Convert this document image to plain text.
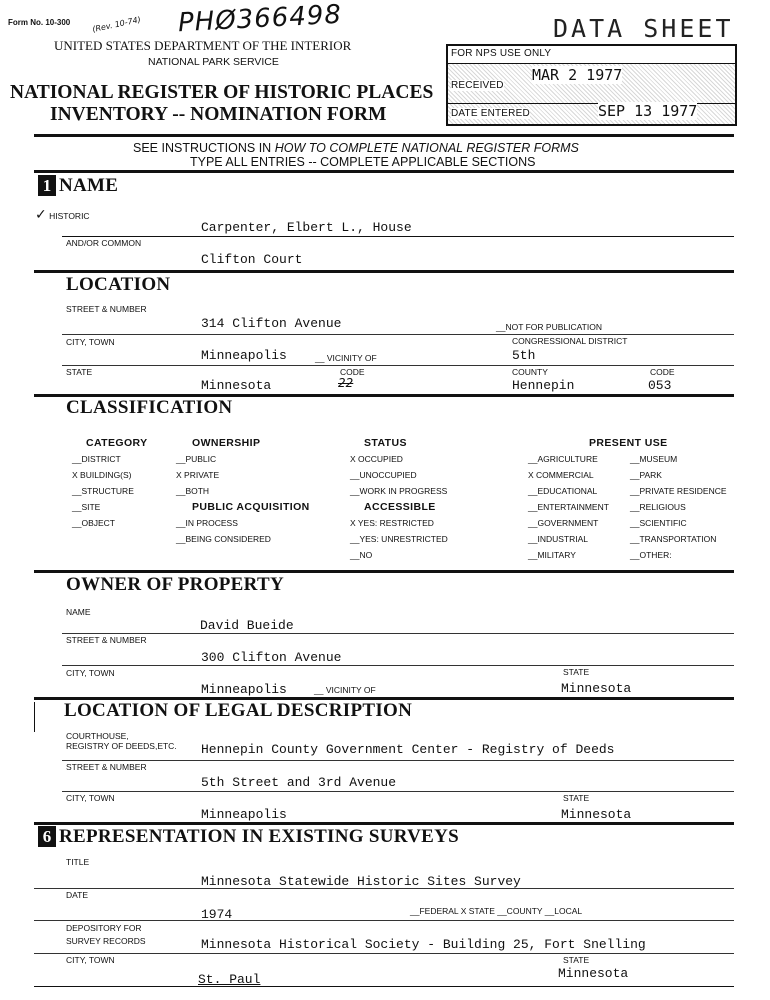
Form No. 10-300	(Rev. 10-74) PHØ366498
UNITED STATES DEPARTMENT OF THE INTERIOR
NATIONAL PARK SERVICE
NATIONAL REGISTER OF HISTORIC PLACES
INVENTORY -- NOMINATION FORM
DATA SHEET
FOR NPS USE ONLY
RECEIVED
MAR 2 1977
DATE ENTERED	SEP 13 1977
SEE INSTRUCTIONS IN HOW TO COMPLETE NATIONAL REGISTER FORMS
TYPE ALL ENTRIES -- COMPLETE APPLICABLE SECTIONS
1 NAME
✓ HISTORIC
Carpenter, Elbert L., House
AND/OR COMMON
Clifton Court
LOCATION
STREET & NUMBER
314 Clifton Avenue	__NOT FOR PUBLICATION
CITY, TOWN	CONGRESSIONAL DISTRICT
Minneapolis	__ VICINITY OF	5th
STATE	CODE	COUNTY	CODE
Minnesota	22	Hennepin	053
CLASSIFICATION
CATEGORY
__DISTRICT
X BUILDING(S)
__STRUCTURE
__SITE
__OBJECT
OWNERSHIP
__PUBLIC
X PRIVATE
__BOTH
PUBLIC ACQUISITION
__IN PROCESS
__BEING CONSIDERED
STATUS
X OCCUPIED
__UNOCCUPIED
__WORK IN PROGRESS
ACCESSIBLE
X YES: RESTRICTED
__YES: UNRESTRICTED
__NO
PRESENT USE
__AGRICULTURE
X COMMERCIAL
__EDUCATIONAL
__ENTERTAINMENT
__GOVERNMENT
__INDUSTRIAL
__MILITARY
__MUSEUM
__PARK
__PRIVATE RESIDENCE
__RELIGIOUS
__SCIENTIFIC
__TRANSPORTATION
__OTHER:
OWNER OF PROPERTY
NAME
David Bueide
STREET & NUMBER
300 Clifton Avenue
CITY, TOWN	STATE
Minneapolis	__ VICINITY OF	Minnesota
LOCATION OF LEGAL DESCRIPTION
COURTHOUSE,
REGISTRY OF DEEDS,ETC. Hennepin County Government Center - Registry of Deeds
STREET & NUMBER
5th Street and 3rd Avenue
CITY, TOWN	STATE
Minneapolis	Minnesota
6 REPRESENTATION IN EXISTING SURVEYS
TITLE
Minnesota Statewide Historic Sites Survey
DATE
1974	__FEDERAL X STATE __COUNTY __LOCAL
DEPOSITORY FOR
SURVEY RECORDS	Minnesota Historical Society - Building 25, Fort Snelling
CITY, TOWN	STATE
St. Paul	Minnesota
